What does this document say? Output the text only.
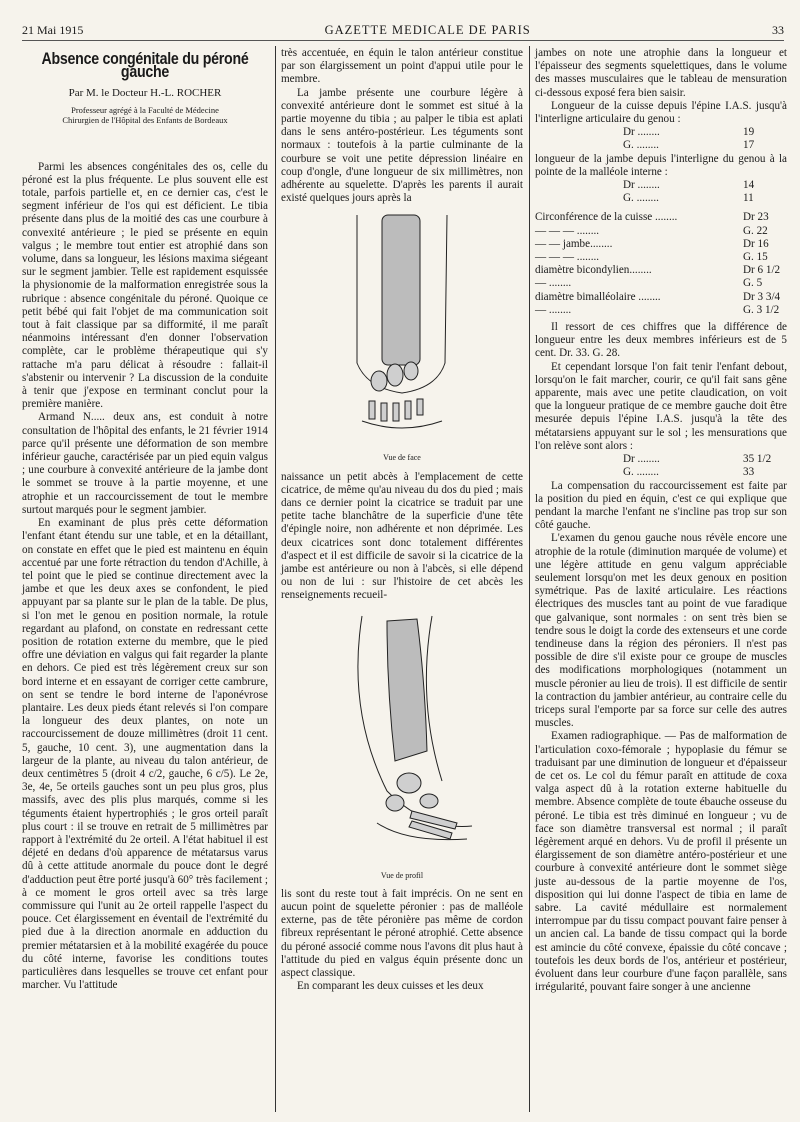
21 Mai 1915	GAZETTE MEDICALE DE PARIS	33
Absence congénitale du péroné gauche
Par M. le Docteur H.-L. ROCHER
Professeur agrégé à la Faculté de Médecine
Chirurgien de l'Hôpital des Enfants de Bordeaux

Parmi les absences congénitales des os, celle du péroné est la plus fréquente. Le plus souvent elle est totale, parfois partielle et, en ce dernier cas, c'est le segment inférieur de l'os qui est déficient. Le tibia présente dans plus de la moitié des cas une courbure à convexité antérieure ; le pied se présente en equin valgus ; le membre tout entier est atrophié dans son volume, dans sa longueur, les lésions maxima siégeant sur le segment jambier. Telle est rapidement esquissée la physionomie de la malformation enregistrée sous la rubrique : absence congénitale du péroné. Quoique ce petit bébé qui fait l'objet de ma communication soit tout à fait classique par sa difformité, il me paraît néanmoins intéressant d'en donner l'observation complète, car le problème thérapeutique qui s'y rattache m'a paru délicat à résoudre : fallait-il s'abstenir ou intervenir ? La discussion de la conduite à tenir que j'expose en terminant conclut pour la première manière.

Armand N..... deux ans, est conduit à notre consultation de l'hôpital des enfants, le 21 février 1914 parce qu'il présente une déformation de son membre inférieur gauche, caractérisée par un pied equin valgus ; une courbure à convexité antérieure de la jambe dont le sommet se trouve à la partie moyenne, et une atrophie et un raccourcissement de tout le membre surtout marqués pour le segment jambier.

En examinant de plus près cette déformation l'enfant étant étendu sur une table, et en la détaillant, on constate en effet que le pied est maintenu en équin accentué par une forte rétraction du tendon d'Achille, à tel point que le pied se continue directement avec la jambe et que les deux axes se confondent, le pied appuyant par sa plante sur le plan de la table. De plus, si l'on met le genou en position normale, la rotule regardant au plafond, on constate en redressant cette position de rotation externe du membre, que le pied offre une déviation en valgus qui fait regarder la plante en dehors. Ce pied est très légèrement creux sur son bord interne et en essayant de corriger cette cambrure, on sent se tendre le bord interne de l'aponévrose plantaire. Les deux pieds étant relevés si l'on compare la longueur des deux plantes, on note un raccourcissement de douze millimètres (droit 11 cent. 5, gauche, 10 cent. 3), une augmentation dans la largeur de la plante, au niveau du talon antérieur, de deux centimètres 5 (droit 4 c/2, gauche, 6 c/5). Le 2e, 3e, 4e, 5e orteils gauches sont un peu plus gros, plus massifs, avec des plis plus marqués, comme si les téguments étaient hypertrophiés ; le gros orteil paraît plus court : il se trouve en retrait de 5 millimètres par rapport à l'extrémité du 2e orteil. A l'état habituel il est déjeté en dedans d'où apparence de métatarsus varus dû à cette attitude anormale du pouce dont le degré d'adduction peut être porté jusqu'à 60° très facilement ; à ce moment le gros orteil avec sa très large commissure qui l'unit au 2e orteil rappelle l'aspect du pouce. Cet élargissement en éventail de l'extrémité du pied due à la direction anormale en adduction du premier métatarsien et à la mobilité exagérée du pouce du côté interne, favorise les conditions toutes particulières dans lesquelles se trouve cet enfant pour marcher. Vu l'attitude

très accentuée, en équin le talon antérieur constitue par son élargissement un point d'appui utile pour le membre.

La jambe présente une courbure légère à convexité antérieure dont le sommet est situé à la partie moyenne du tibia ; au palper le tibia est aplati dans le sens antéro-postérieur. Les téguments sont normaux : toutefois à la partie culminante de la courbure se voit une petite dépression linéaire en coup d'ongle, d'une longueur de six millimètres, non adhérente au squelette. D'après les parents il aurait existé quelques jours après la

Vue de face

naissance un petit abcès à l'emplacement de cette cicatrice, de même qu'au niveau du dos du pied ; mais dans ce dernier point la cicatrice se traduit par une petite tache blanchâtre de la superficie d'une tête d'épingle noire, non adhérente et non déprimée. Les deux cicatrices sont donc totalement différentes d'aspect et il est difficile de savoir si la cicatrice de la jambe est antérieure ou non à l'abcès, si elle dépend ou non de lui : sur l'histoire de cet abcès les renseignements recueil-

Vue de profil

lis sont du reste tout à fait imprécis. On ne sent en aucun point de squelette péronier : pas de malléole externe, pas de tête péronière pas même de cordon fibreux représentant le péroné atrophié. Cette absence du péroné associé comme nous l'avons dit plus haut à l'attitude du pied en valgus équin présente donc un aspect classique.

En comparant les deux cuisses et les deux

jambes on note une atrophie dans la longueur et l'épaisseur des segments squelettiques, dans le volume des masses musculaires que le tableau de mensuration ci-dessous exposé fera bien saisir.

Longueur de la cuisse depuis l'épine I.A.S. jusqu'à l'interligne articulaire du genou :

Dr ........	19
G. ........	17

longueur de la jambe depuis l'interligne du genou à la pointe de la malléole interne :

Dr ........	14
G. ........	11
Circonférence de la cuisse ........	Dr 23
— — — ........	G. 22
— — jambe........	Dr 16
— — — ........	G. 15
diamètre bicondylien........	Dr 6 1/2
— ........	G. 5
diamètre bimalléolaire ........	Dr 3 3/4
— ........	G. 3 1/2

Il ressort de ces chiffres que la différence de longueur entre les deux membres inférieurs est de 5 cent. Dr. 33. G. 28.

Et cependant lorsque l'on fait tenir l'enfant debout, lorsqu'on le fait marcher, courir, ce qu'il fait sans gêne apparente, mais avec une petite claudication, on voit que la longueur pratique de ce membre gauche doit être mesurée depuis l'épine I.A.S. jusqu'à la tête des métatarsiens appuyant sur le sol ; les mensurations que l'on relève sont alors :

Dr ........	35 1/2
G. ........	33

La compensation du raccourcissement est faite par la position du pied en équin, c'est ce qui explique que pendant la marche l'enfant ne s'incline pas trop sur son côté gauche.

L'examen du genou gauche nous révèle encore une atrophie de la rotule (diminution marquée de volume) et une légère attitude en genu valgum appréciable seulement lorsqu'on met les deux genoux en position symétrique. Pas de laxité articulaire. Les réactions électriques des muscles tant au point de vue faradique que galvanique, sont normales : on sent très bien se tendre sous le doigt la corde des extenseurs et une corde tendineuse dans la région des péroniers. Il n'est pas possible de dire s'il existe pour ce groupe de muscles des modifications morphologiques (notamment un muscle péronier au lieu de trois). Il est difficile de sentir la contraction du jambier antérieur, au contraire celle du triceps sural l'emporte par sa force sur celle des autres muscles.

Examen radiographique. — Pas de malformation de l'articulation coxo-fémorale ; hypoplasie du fémur se traduisant par une diminution de longueur et d'épaisseur de cet os. Le col du fémur paraît en attitude de coxa valga aspect dû à la rotation externe habituelle du membre. Absence complète de toute ébauche osseuse du péroné. Le tibia est très diminué en longueur ; vu de face son diamètre transversal est normal ; il paraît légèrement arqué en dehors. Vu de profil il présente un élargissement de son diamètre antéro-postérieur et une courbure à convexité antérieure dont le sommet siège juste au-dessous de la partie moyenne de l'os, disposition qui lui donne l'aspect de tibia en lame de sabre. La cavité médullaire est normalement interrompue par du tissu compact pouvant faire penser à un ancien cal. La bande de tissu compact qui la borde est amincie du côté convexe, épaissie du côté concave ; toutefois les deux bords de l'os, antérieur et postérieur, évoluent dans leur courbure d'une façon parallèle, sans irrégularité, pouvant faire songer à une ancienne
